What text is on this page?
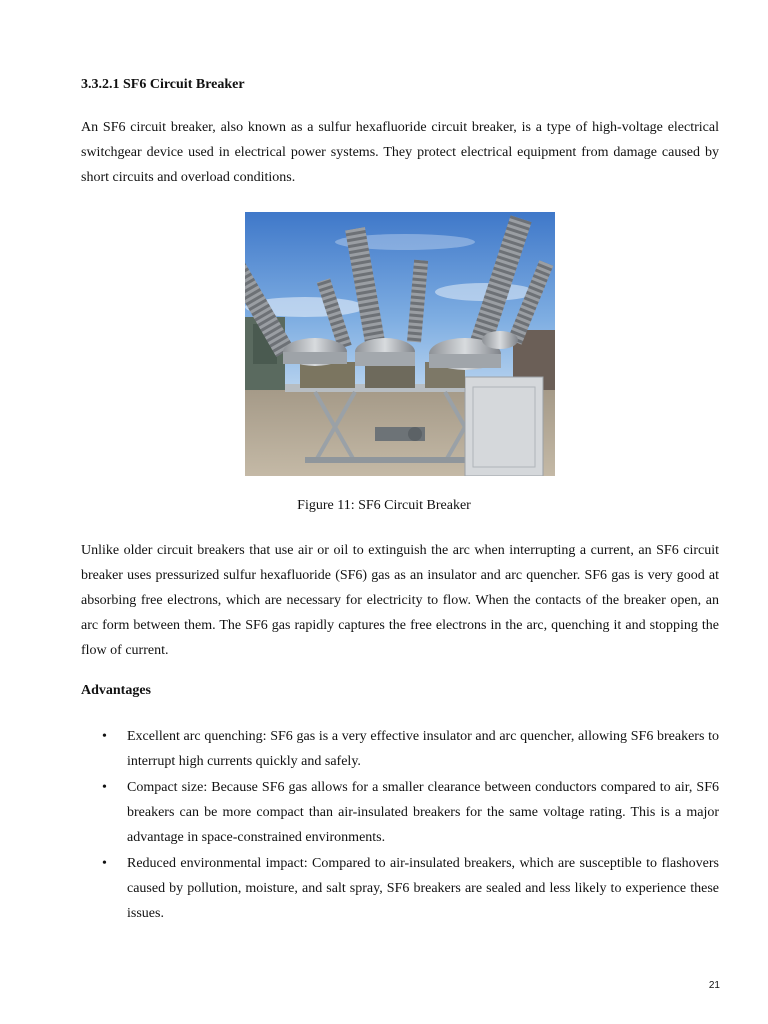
3.3.2.1 SF6 Circuit Breaker

An SF6 circuit breaker, also known as a sulfur hexafluoride circuit breaker, is a type of high-voltage electrical switchgear device used in electrical power systems. They protect electrical equipment from damage caused by short circuits and overload conditions.

Figure 11: SF6 Circuit Breaker

Unlike older circuit breakers that use air or oil to extinguish the arc when interrupting a current, an SF6 circuit breaker uses pressurized sulfur hexafluoride (SF6) gas as an insulator and arc quencher. SF6 gas is very good at absorbing free electrons, which are necessary for electricity to flow. When the contacts of the breaker open, an arc form between them. The SF6 gas rapidly captures the free electrons in the arc, quenching it and stopping the flow of current.

Advantages
• Excellent arc quenching: SF6 gas is a very effective insulator and arc quencher, allowing SF6 breakers to interrupt high currents quickly and safely.
• Compact size: Because SF6 gas allows for a smaller clearance between conductors compared to air, SF6 breakers can be more compact than air-insulated breakers for the same voltage rating. This is a major advantage in space-constrained environments.
• Reduced environmental impact: Compared to air-insulated breakers, which are susceptible to flashovers caused by pollution, moisture, and salt spray, SF6 breakers are sealed and less likely to experience these issues.

21
